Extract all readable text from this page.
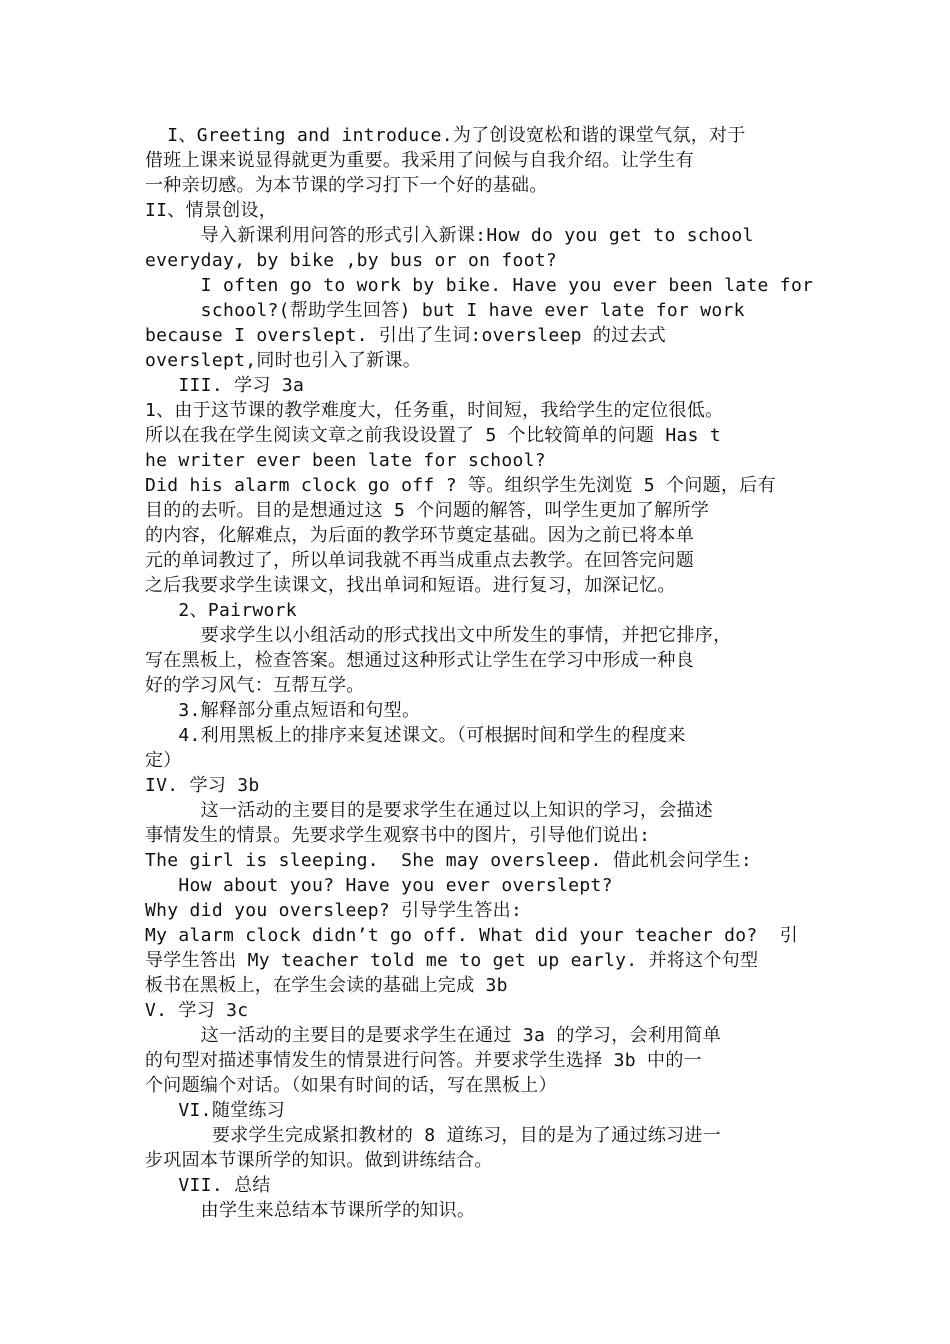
I、Greeting and introduce.为了创设宽松和谐的课堂气氛，对于
借班上课来说显得就更为重要。我采用了问候与自我介绍。让学生有
一种亲切感。为本节课的学习打下一个好的基础。
II、情景创设，
导入新课利用问答的形式引入新课:How do you get to school
everyday, by bike ,by bus or on foot?
I often go to work by bike. Have you ever been late for
school?(帮助学生回答) but I have ever late for work
because I overslept. 引出了生词:oversleep 的过去式
overslept,同时也引入了新课。
III. 学习 3a
1、由于这节课的教学难度大，任务重，时间短，我给学生的定位很低。
所以在我在学生阅读文章之前我设设置了 5 个比较简单的问题 Has t
he writer ever been late for school?
Did his alarm clock go off ? 等。组织学生先浏览 5 个问题，后有
目的的去听。目的是想通过这 5 个问题的解答，叫学生更加了解所学
的内容，化解难点，为后面的教学环节奠定基础。因为之前已将本单
元的单词教过了，所以单词我就不再当成重点去教学。在回答完问题
之后我要求学生读课文，找出单词和短语。进行复习，加深记忆。
2、Pairwork
要求学生以小组活动的形式找出文中所发生的事情，并把它排序，
写在黑板上，检查答案。想通过这种形式让学生在学习中形成一种良
好的学习风气：互帮互学。
3.解释部分重点短语和句型。
4.利用黑板上的排序来复述课文。（可根据时间和学生的程度来
定）
IV. 学习 3b
这一活动的主要目的是要求学生在通过以上知识的学习，会描述
事情发生的情景。先要求学生观察书中的图片，引导他们说出:
The girl is sleeping.  She may oversleep. 借此机会问学生:
How about you? Have you ever overslept?
Why did you oversleep? 引导学生答出:
My alarm clock didn’t go off. What did your teacher do?  引
导学生答出 My teacher told me to get up early. 并将这个句型
板书在黑板上，在学生会读的基础上完成 3b
V. 学习 3c
这一活动的主要目的是要求学生在通过 3a 的学习，会利用简单
的句型对描述事情发生的情景进行问答。并要求学生选择 3b 中的一
个问题编个对话。（如果有时间的话，写在黑板上）
VI.随堂练习
要求学生完成紧扣教材的 8 道练习，目的是为了通过练习进一
步巩固本节课所学的知识。做到讲练结合。
VII. 总结
由学生来总结本节课所学的知识。
